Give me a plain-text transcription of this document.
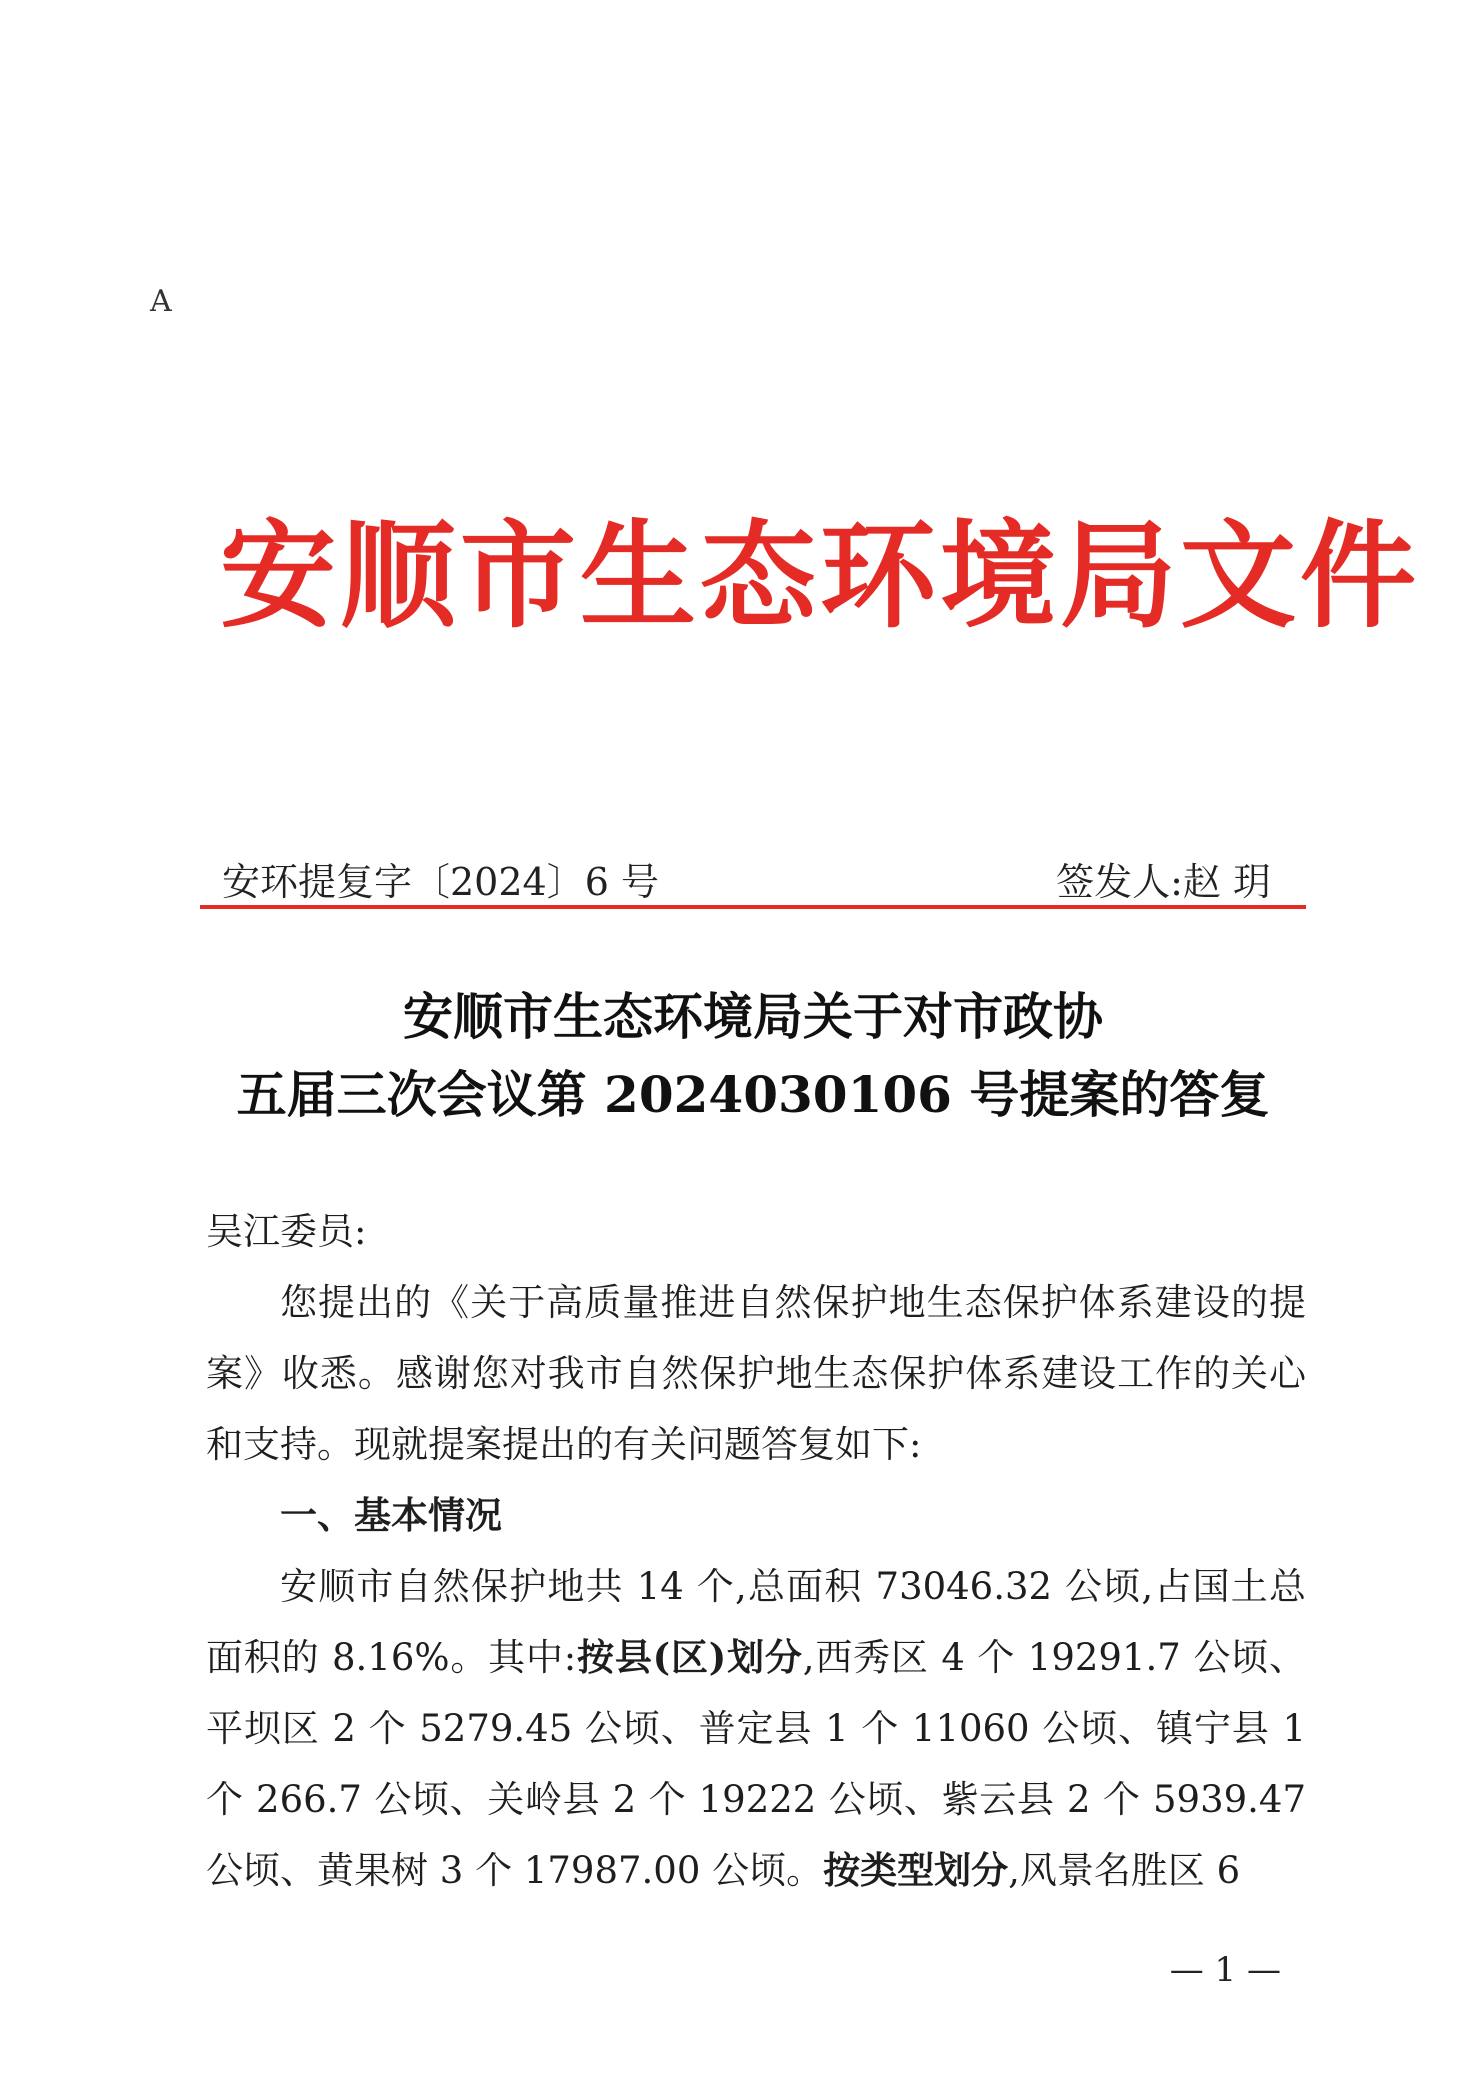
A
安顺市生态环境局文件
安环提复字〔2024〕6 号	签发人:赵 玥
安顺市生态环境局关于对市政协
五届三次会议第 2024030106 号提案的答复

吴江委员:

您提出的《关于高质量推进自然保护地生态保护体系建设的提案》收悉。感谢您对我市自然保护地生态保护体系建设工作的关心和支持。现就提案提出的有关问题答复如下:

一、基本情况

安顺市自然保护地共 14 个,总面积 73046.32 公顷,占国土总面积的 8.16%。其中:按县(区)划分,西秀区 4 个 19291.7 公顷、平坝区 2 个 5279.45 公顷、普定县 1 个 11060 公顷、镇宁县 1 个 266.7 公顷、关岭县 2 个 19222 公顷、紫云县 2 个 5939.47 公顷、黄果树 3 个 17987.00 公顷。按类型划分,风景名胜区 6

— 1 —
